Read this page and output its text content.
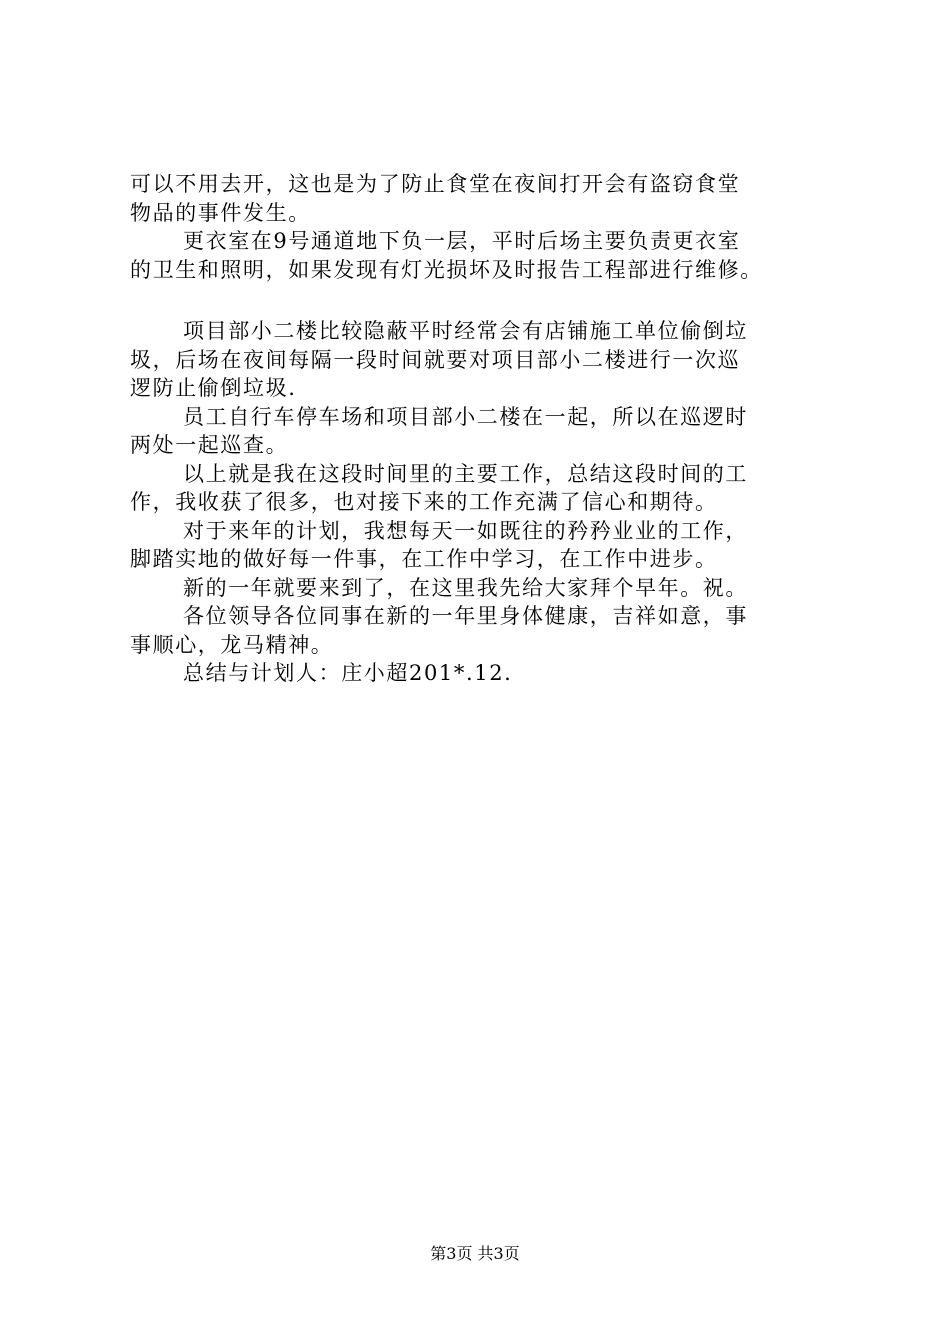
可以不用去开，这也是为了防止食堂在夜间打开会有盗窃食堂
物品的事件发生。
更衣室在9号通道地下负一层，平时后场主要负责更衣室
的卫生和照明，如果发现有灯光损坏及时报告工程部进行维修。
项目部小二楼比较隐蔽平时经常会有店铺施工单位偷倒垃
圾，后场在夜间每隔一段时间就要对项目部小二楼进行一次巡
逻防止偷倒垃圾.
员工自行车停车场和项目部小二楼在一起，所以在巡逻时
两处一起巡查。
以上就是我在这段时间里的主要工作，总结这段时间的工
作，我收获了很多，也对接下来的工作充满了信心和期待。
对于来年的计划，我想每天一如既往的矜矜业业的工作，
脚踏实地的做好每一件事，在工作中学习，在工作中进步。
新的一年就要来到了，在这里我先给大家拜个早年。祝。
各位领导各位同事在新的一年里身体健康，吉祥如意，事
事顺心，龙马精神。
总结与计划人：庄小超201*.12.
第3页 共3页
